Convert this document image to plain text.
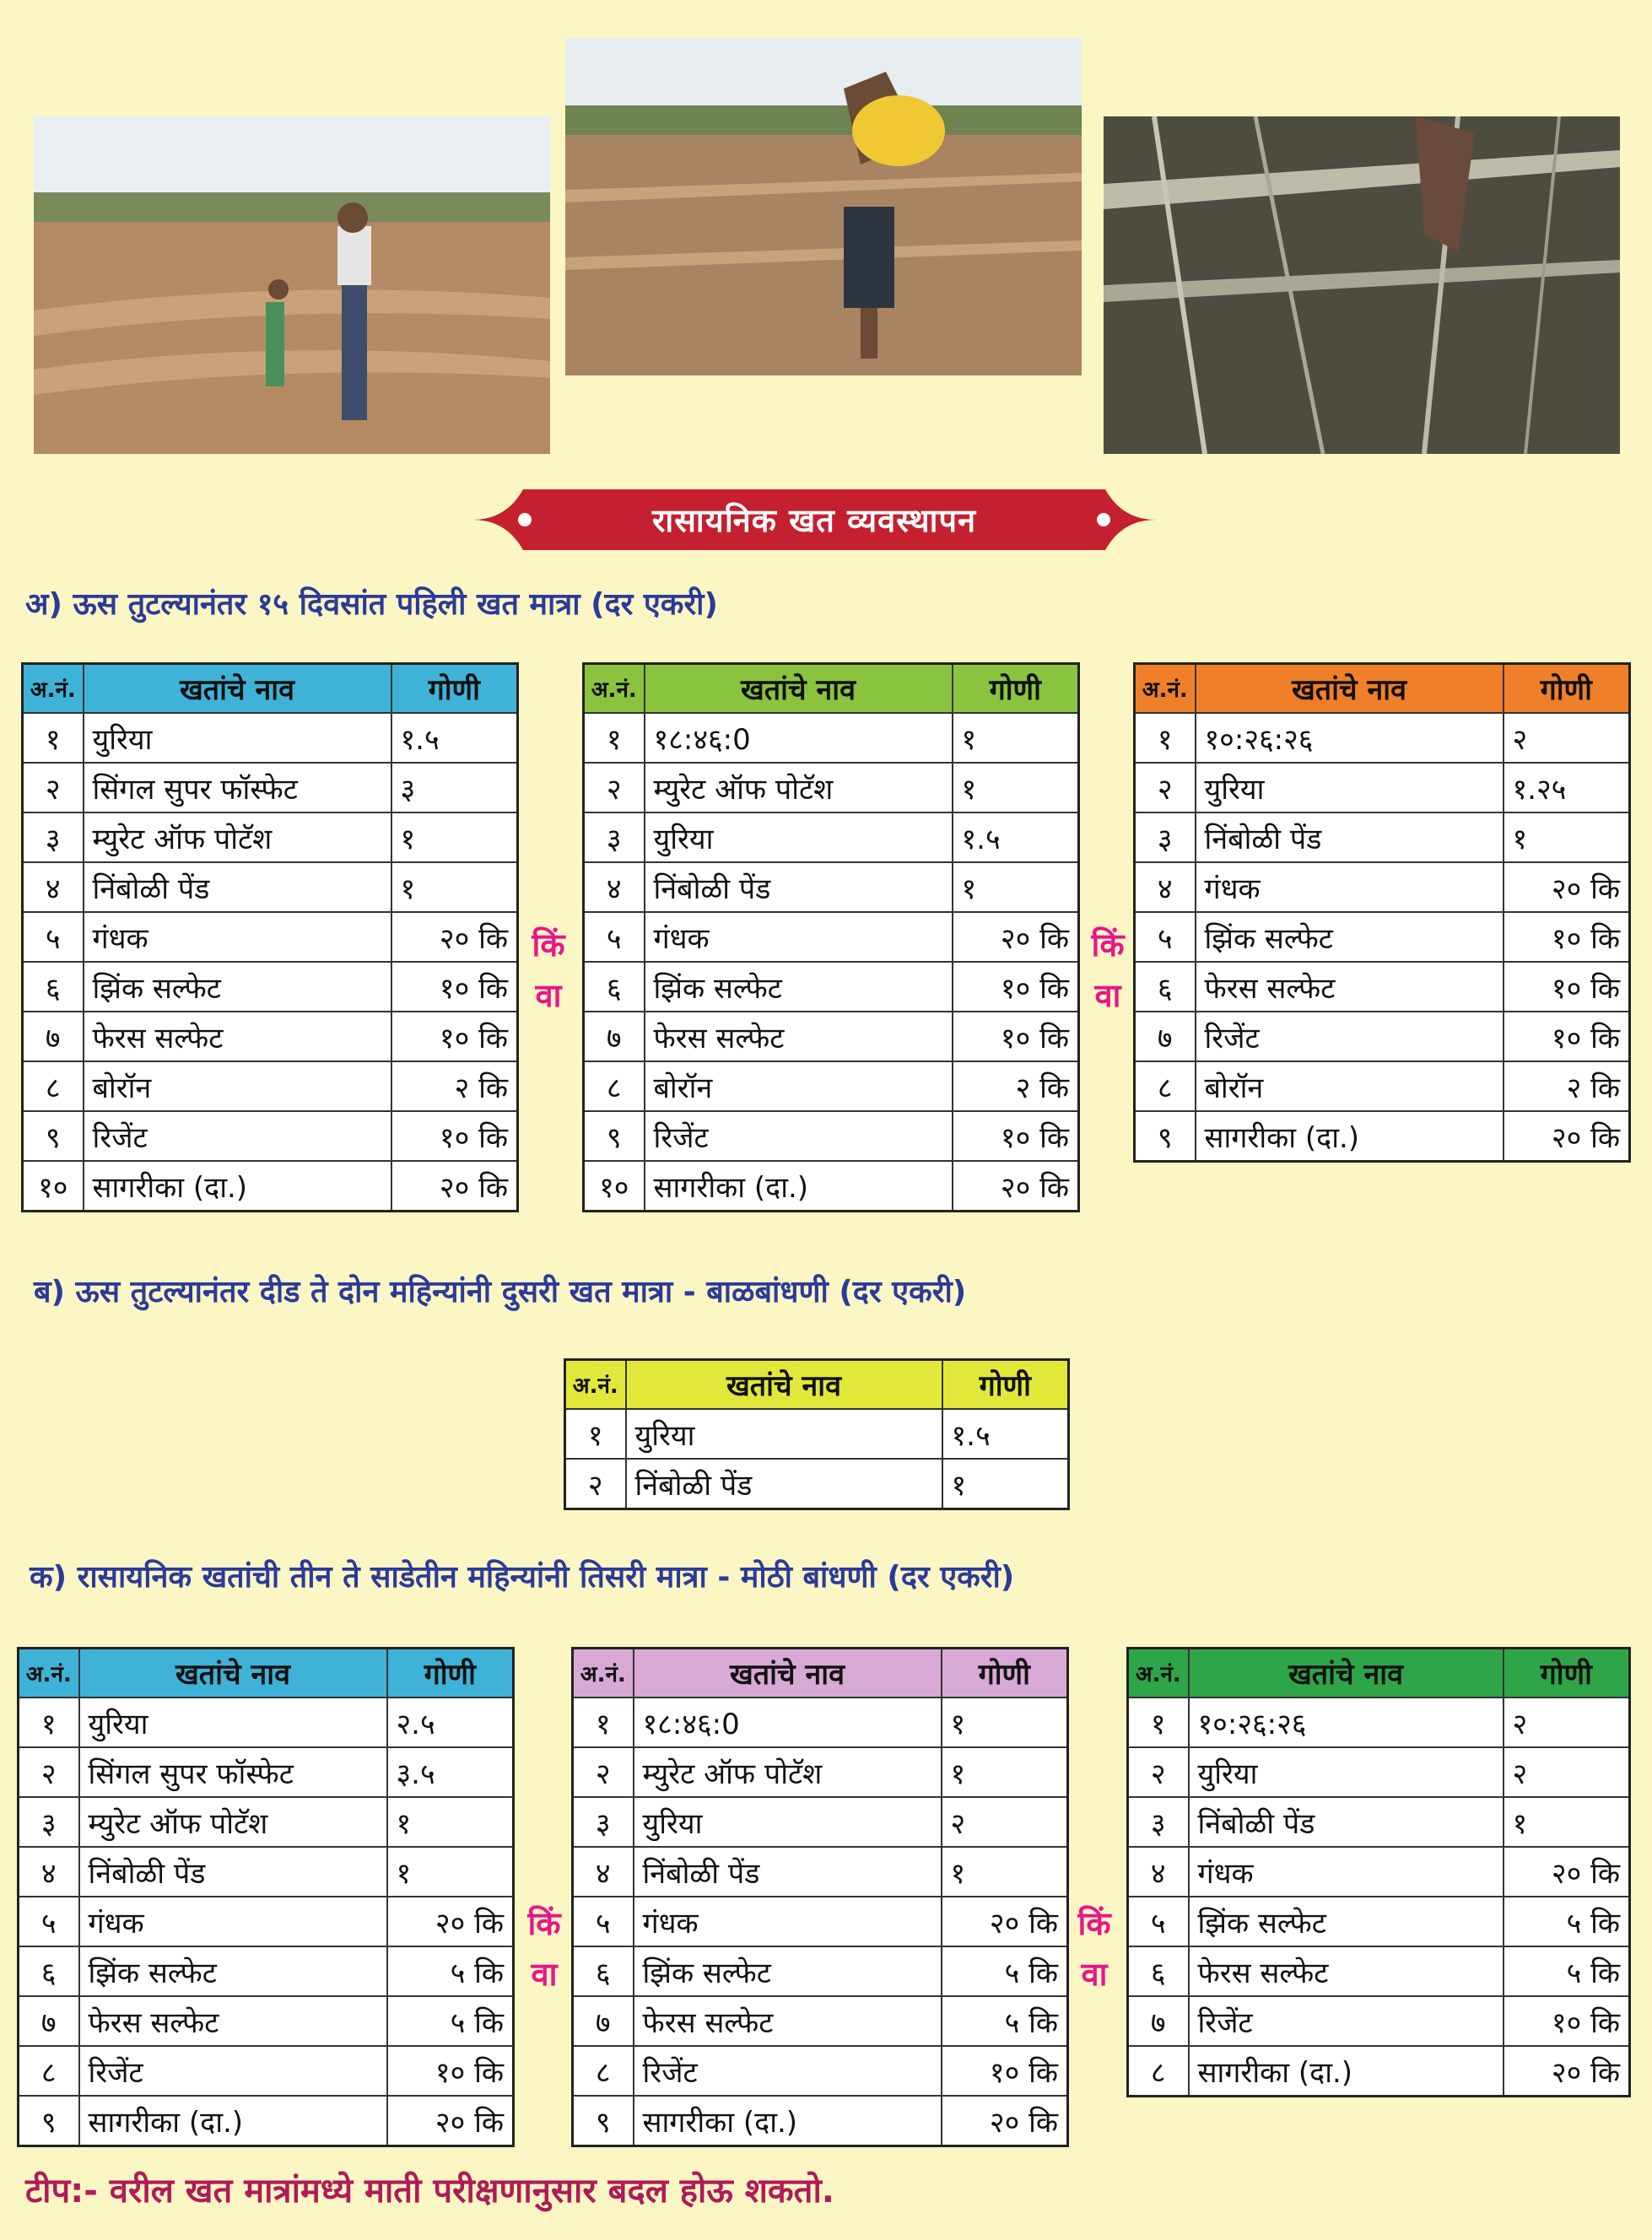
रासायनिक खत व्यवस्थापन
अ) ऊस तुटल्यानंतर १५ दिवसांत पहिली खत मात्रा (दर एकरी)
अ.नं.	खतांचे नाव	गोणी
१	युरिया	१.५
२	सिंगल सुपर फॉस्फेट	३
३	म्युरेट ऑफ पोटॅश	१
४	निंबोळी पेंड	१
५	गंधक	२० कि
६	झिंक सल्फेट	१० कि
७	फेरस सल्फेट	१० कि
८	बोरॉन	२ कि
९	रिजेंट	१० कि
१०	सागरीका (दा.)	२० कि
किं
वा
अ.नं.	खतांचे नाव	गोणी
१	१८:४६:0	१
२	म्युरेट ऑफ पोटॅश	१
३	युरिया	१.५
४	निंबोळी पेंड	१
५	गंधक	२० कि
६	झिंक सल्फेट	१० कि
७	फेरस सल्फेट	१० कि
८	बोरॉन	२ कि
९	रिजेंट	१० कि
१०	सागरीका (दा.)	२० कि
किं
वा
अ.नं.	खतांचे नाव	गोणी
१	१०:२६:२६	२
२	युरिया	१.२५
३	निंबोळी पेंड	१
४	गंधक	२० कि
५	झिंक सल्फेट	१० कि
६	फेरस सल्फेट	१० कि
७	रिजेंट	१० कि
८	बोरॉन	२ कि
९	सागरीका (दा.)	२० कि
ब) ऊस तुटल्यानंतर दीड ते दोन महिन्यांनी दुसरी खत मात्रा - बाळबांधणी (दर एकरी)
अ.नं.	खतांचे नाव	गोणी
१	युरिया	१.५
२	निंबोळी पेंड	१
क) रासायनिक खतांची तीन ते साडेतीन महिन्यांनी तिसरी मात्रा - मोठी बांधणी (दर एकरी)
अ.नं.	खतांचे नाव	गोणी
१	युरिया	२.५
२	सिंगल सुपर फॉस्फेट	३.५
३	म्युरेट ऑफ पोटॅश	१
४	निंबोळी पेंड	१
५	गंधक	२० कि
६	झिंक सल्फेट	५ कि
७	फेरस सल्फेट	५ कि
८	रिजेंट	१० कि
९	सागरीका (दा.)	२० कि
किं
वा
अ.नं.	खतांचे नाव	गोणी
१	१८:४६:0	१
२	म्युरेट ऑफ पोटॅश	१
३	युरिया	२
४	निंबोळी पेंड	१
५	गंधक	२० कि
६	झिंक सल्फेट	५ कि
७	फेरस सल्फेट	५ कि
८	रिजेंट	१० कि
९	सागरीका (दा.)	२० कि
किं
वा
अ.नं.	खतांचे नाव	गोणी
१	१०:२६:२६	२
२	युरिया	२
३	निंबोळी पेंड	१
४	गंधक	२० कि
५	झिंक सल्फेट	५ कि
६	फेरस सल्फेट	५ कि
७	रिजेंट	१० कि
८	सागरीका (दा.)	२० कि
टीप:- वरील खत मात्रांमध्ये माती परीक्षणानुसार बदल होऊ शकतो.
